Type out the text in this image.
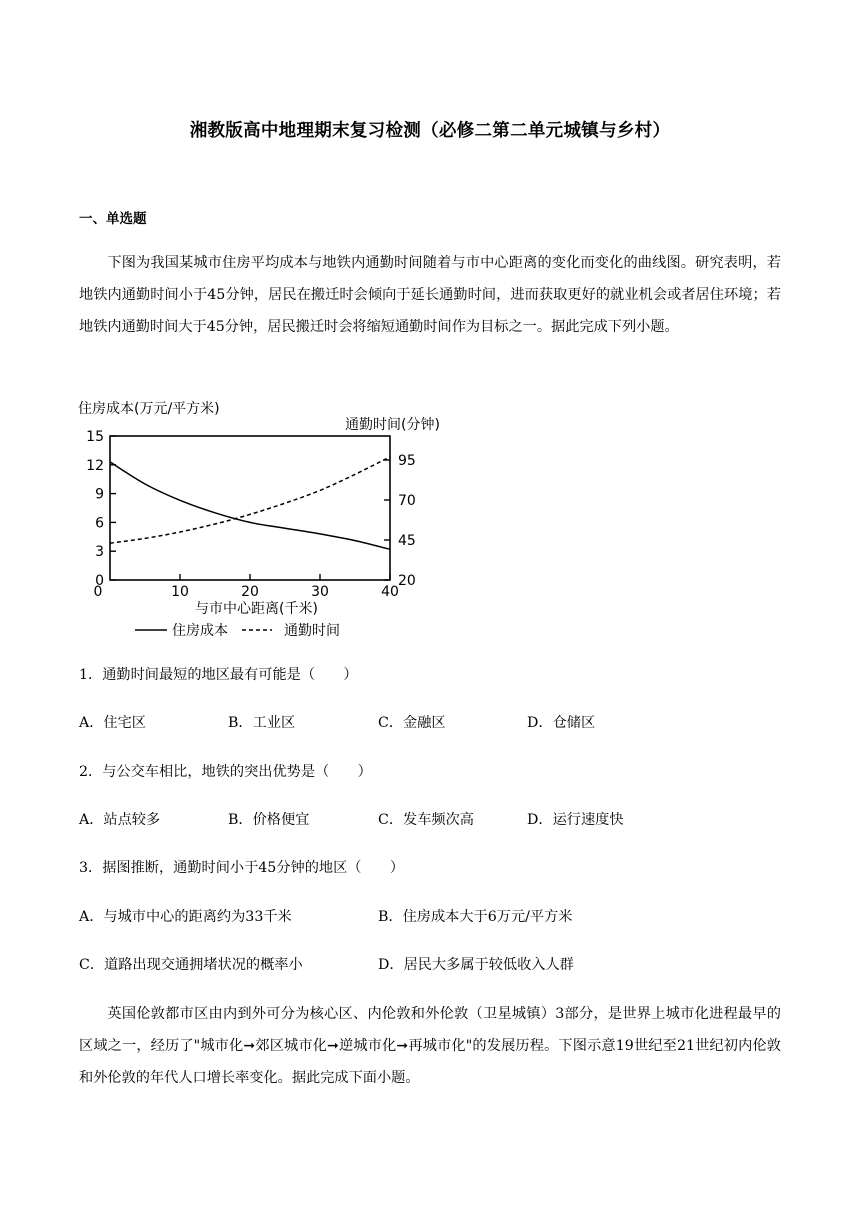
湘教版高中地理期末复习检测（必修二第二单元城镇与乡村）
一、单选题

下图为我国某城市住房平均成本与地铁内通勤时间随着与市中心距离的变化而变化的曲线图。研究表明，若地铁内通勤时间小于45分钟，居民在搬迁时会倾向于延长通勤时间，进而获取更好的就业机会或者居住环境；若地铁内通勤时间大于45分钟，居民搬迁时会将缩短通勤时间作为目标之一。据此完成下列小题。

住房成本(万元/平方米)
通勤时间(分钟)
0
3
6
9
12
15
20
45
70
95
10	20	30	40
0
与市中心距离(千米)
住房成本	通勤时间
1．通勤时间最短的地区最有可能是（　　）
A．住宅区	B．工业区	C．金融区	D．仓储区
2．与公交车相比，地铁的突出优势是（　　）
A．站点较多	B．价格便宜	C．发车频次高	D．运行速度快
3．据图推断，通勤时间小于45分钟的地区（　　）
A．与城市中心的距离约为33千米	B．住房成本大于6万元/平方米
C．道路出现交通拥堵状况的概率小	D．居民大多属于较低收入人群

英国伦敦都市区由内到外可分为核心区、内伦敦和外伦敦（卫星城镇）3部分，是世界上城市化进程最早的区域之一，经历了"城市化➞郊区城市化➞逆城市化➞再城市化"的发展历程。下图示意19世纪至21世纪初内伦敦和外伦敦的年代人口增长率变化。据此完成下面小题。
